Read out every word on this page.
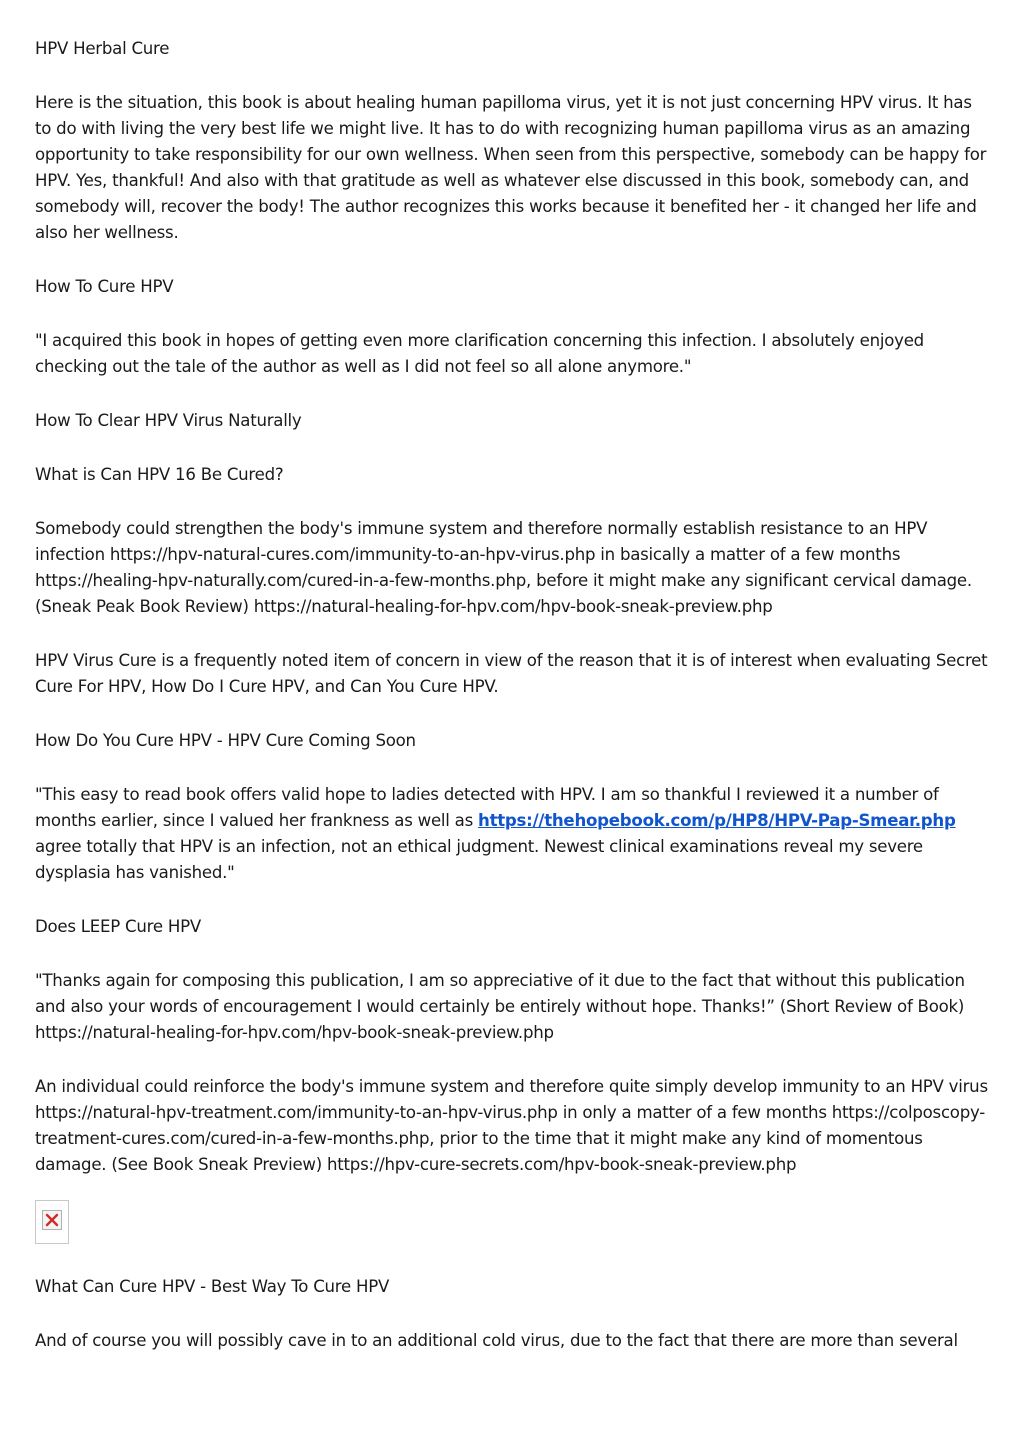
HPV Herbal Cure

Here is the situation, this book is about healing human papilloma virus, yet it is not just concerning HPV virus. It has to do with living the very best life we might live. It has to do with recognizing human papilloma virus as an amazing opportunity to take responsibility for our own wellness. When seen from this perspective, somebody can be happy for HPV. Yes, thankful! And also with that gratitude as well as whatever else discussed in this book, somebody can, and somebody will, recover the body! The author recognizes this works because it benefited her - it changed her life and also her wellness.

How To Cure HPV

"I acquired this book in hopes of getting even more clarification concerning this infection. I absolutely enjoyed checking out the tale of the author as well as I did not feel so all alone anymore."

How To Clear HPV Virus Naturally

What is Can HPV 16 Be Cured?

Somebody could strengthen the body's immune system and therefore normally establish resistance to an HPV infection https://hpv-natural-cures.com/immunity-to-an-hpv-virus.php in basically a matter of a few months https://healing-hpv-naturally.com/cured-in-a-few-months.php, before it might make any significant cervical damage. (Sneak Peak Book Review) https://natural-healing-for-hpv.com/hpv-book-sneak-preview.php

HPV Virus Cure is a frequently noted item of concern in view of the reason that it is of interest when evaluating Secret Cure For HPV, How Do I Cure HPV, and Can You Cure HPV.

How Do You Cure HPV - HPV Cure Coming Soon

"This easy to read book offers valid hope to ladies detected with HPV. I am so thankful I reviewed it a number of months earlier, since I valued her frankness as well as https://thehopebook.com/p/HP8/HPV-Pap-Smear.php agree totally that HPV is an infection, not an ethical judgment. Newest clinical examinations reveal my severe dysplasia has vanished."

Does LEEP Cure HPV

"Thanks again for composing this publication, I am so appreciative of it due to the fact that without this publication and also your words of encouragement I would certainly be entirely without hope. Thanks!” (Short Review of Book) https://natural-healing-for-hpv.com/hpv-book-sneak-preview.php

An individual could reinforce the body's immune system and therefore quite simply develop immunity to an HPV virus https://natural-hpv-treatment.com/immunity-to-an-hpv-virus.php in only a matter of a few months https://colposcopy-treatment-cures.com/cured-in-a-few-months.php, prior to the time that it might make any kind of momentous damage. (See Book Sneak Preview) https://hpv-cure-secrets.com/hpv-book-sneak-preview.php

What Can Cure HPV - Best Way To Cure HPV

And of course you will possibly cave in to an additional cold virus, due to the fact that there are more than several
